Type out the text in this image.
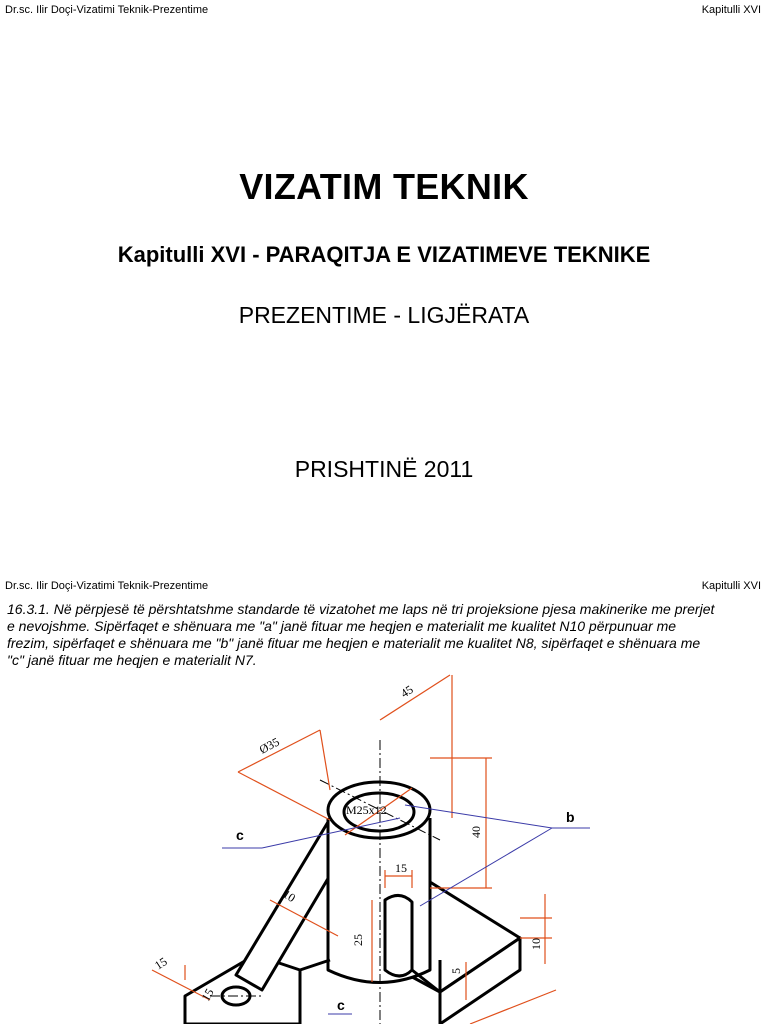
Dr.sc. Ilir Doçi-Vizatimi Teknik-Prezentime	Kapitulli XVI
VIZATIM TEKNIK
Kapitulli XVI - PARAQITJA E VIZATIMEVE TEKNIKE
PREZENTIME - LIGJËRATA
PRISHTINË 2011
Dr.sc. Ilir Doçi-Vizatimi Teknik-Prezentime	Kapitulli XVI
16.3.1. Në përpjesë të përshtatshme standarde të vizatohet me laps në tri projeksione pjesa makinerike me prerjet
e nevojshme. Sipërfaqet e shënuara me "a" janë fituar me heqjen e materialit me kualitet N10 përpunuar me
frezim, sipërfaqet e shënuara me "b" janë fituar me heqjen e materialit me kualitet N8, sipërfaqet e shënuara me
"c" janë fituar me heqjen e materialit N7.
45
Ø35
M25x12
40
15
10
25	10
5
15
15
c
b
c
